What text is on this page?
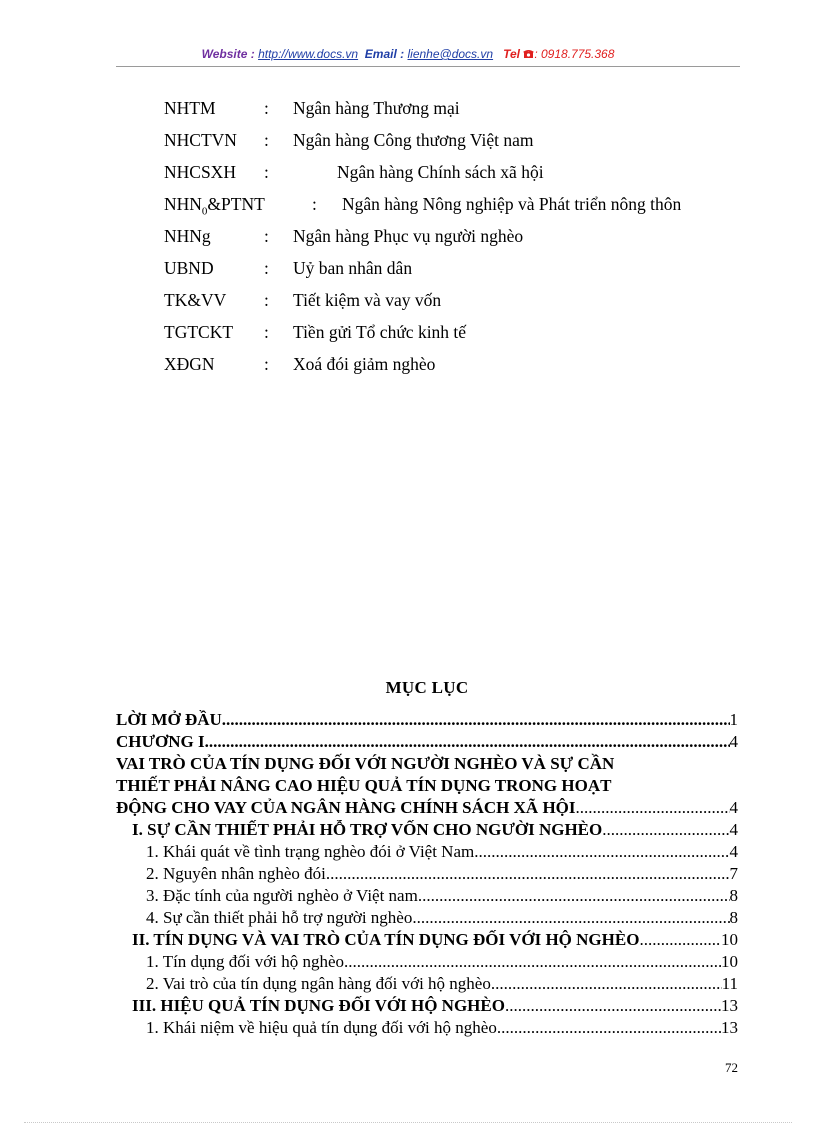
Website : http://www.docs.vn Email : lienhe@docs.vn Tel : 0918.775.368
NHTM	: Ngân hàng Thương mại
NHCTVN : Ngân hàng Công thương Việt nam
NHCSXH :	Ngân hàng Chính sách xã hội
$NHN_0\&PTNT$	: Ngân hàng Nông nghiệp và Phát triển nông thôn
NHNg	: Ngân hàng Phục vụ người nghèo
UBND	: Uỷ ban nhân dân
TK&VV : Tiết kiệm và vay vốn
TGTCKT : Tiền gửi Tổ chức kinh tế
XĐGN	: Xoá đói giảm nghèo
MỤC LỤC
LỜI MỞ ĐẦU .....	1
CHƯƠNG I .....	4
VAI TRÒ CỦA TÍN DỤNG ĐỐI VỚI NGƯỜI NGHÈO VÀ SỰ CẦN
THIẾT PHẢI NÂNG CAO HIỆU QUẢ TÍN DỤNG TRONG HOẠT
ĐỘNG CHO VAY CỦA NGÂN HÀNG CHÍNH SÁCH XÃ HỘI .....	4
I. SỰ CẦN THIẾT PHẢI HỖ TRỢ VỐN CHO NGƯỜI NGHÈO .....	4
1. Khái quát về tình trạng nghèo đói ở Việt Nam .....	4
2. Nguyên nhân nghèo đói .....	7
3. Đặc tính của người nghèo ở Việt nam .....	8
4. Sự cần thiết phải hỗ trợ người nghèo .....	8
II. TÍN DỤNG VÀ VAI TRÒ CỦA TÍN DỤNG ĐỐI VỚI HỘ NGHÈO .....	10
1. Tín dụng đối với hộ nghèo .....	10
2. Vai trò của tín dụng ngân hàng đối với hộ nghèo .....	11
III. HIỆU QUẢ TÍN DỤNG ĐỐI VỚI HỘ NGHÈO .....	13
1. Khái niệm về hiệu quả tín dụng đối với hộ nghèo .....	13
72
